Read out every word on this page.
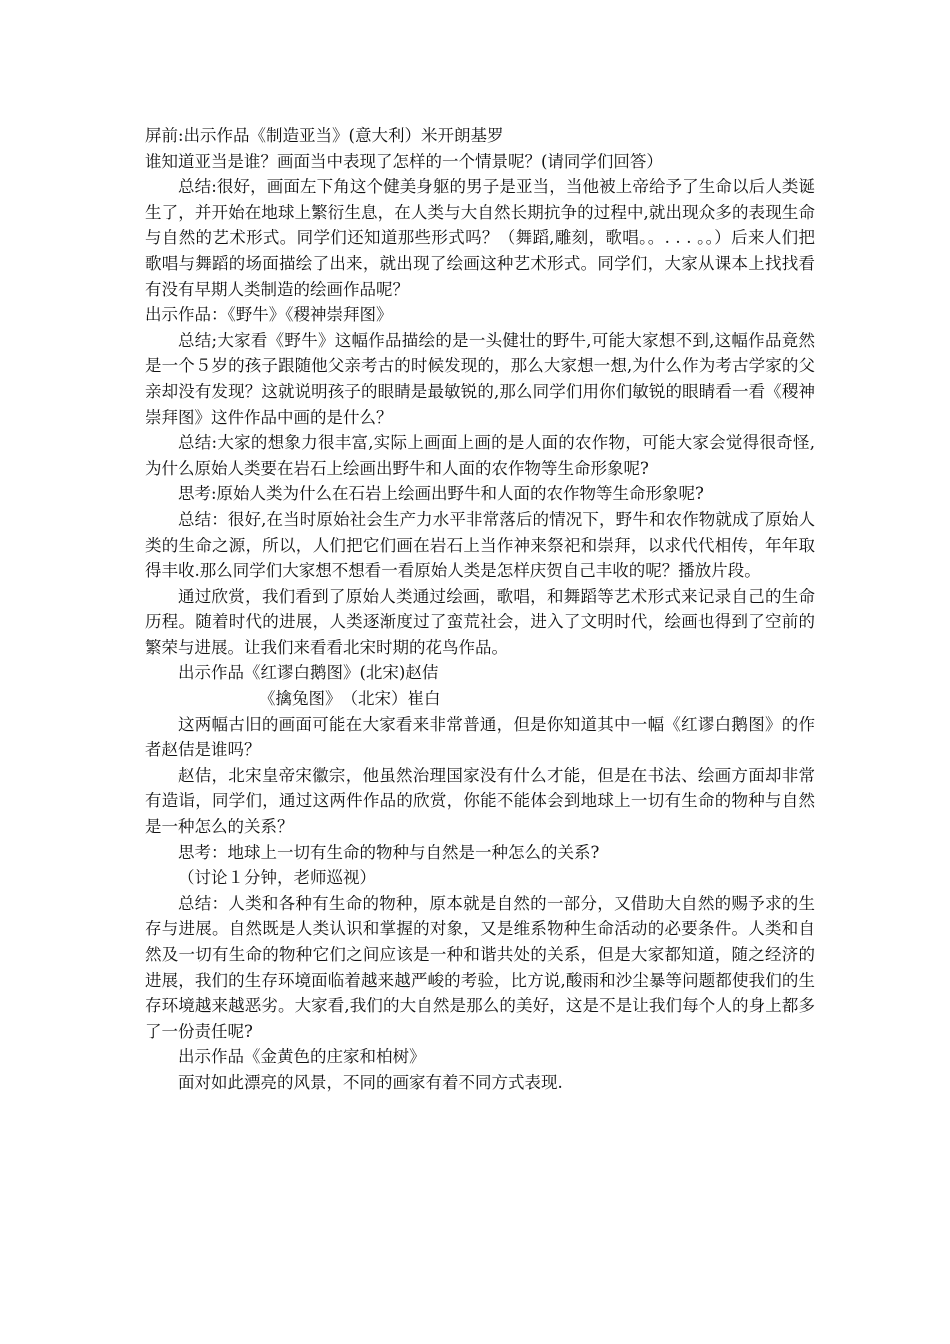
屏前:出示作品《制造亚当》(意大利）米开朗基罗

谁知道亚当是谁？画面当中表现了怎样的一个情景呢？(请同学们回答）

总结:很好，画面左下角这个健美身躯的男子是亚当，当他被上帝给予了生命以后人类诞生了，并开始在地球上繁衍生息，在人类与大自然长期抗争的过程中,就出现众多的表现生命与自然的艺术形式。同学们还知道那些形式吗？（舞蹈,雕刻，歌唱。。. . . 。。）后来人们把歌唱与舞蹈的场面描绘了出来，就出现了绘画这种艺术形式。同学们，大家从课本上找找看有没有早期人类制造的绘画作品呢？

出示作品：《野牛》《稷神崇拜图》

总结;大家看《野牛》这幅作品描绘的是一头健壮的野牛,可能大家想不到,这幅作品竟然是一个５岁的孩子跟随他父亲考古的时候发现的，那么大家想一想,为什么作为考古学家的父亲却没有发现？这就说明孩子的眼睛是最敏锐的,那么同学们用你们敏锐的眼睛看一看《稷神崇拜图》这件作品中画的是什么？

总结:大家的想象力很丰富,实际上画面上画的是人面的农作物，可能大家会觉得很奇怪,为什么原始人类要在岩石上绘画出野牛和人面的农作物等生命形象呢?

思考:原始人类为什么在石岩上绘画出野牛和人面的农作物等生命形象呢?

总结：很好,在当时原始社会生产力水平非常落后的情况下，野牛和农作物就成了原始人类的生命之源，所以，人们把它们画在岩石上当作神来祭祀和崇拜，以求代代相传，年年取得丰收.那么同学们大家想不想看一看原始人类是怎样庆贺自己丰收的呢？播放片段。

通过欣赏，我们看到了原始人类通过绘画，歌唱，和舞蹈等艺术形式来记录自己的生命历程。随着时代的进展，人类逐渐度过了蛮荒社会，进入了文明时代，绘画也得到了空前的繁荣与进展。让我们来看看北宋时期的花鸟作品。

出示作品《红谬白鹅图》(北宋)赵佶

《擒兔图》　（北宋）崔白

这两幅古旧的画面可能在大家看来非常普通，但是你知道其中一幅《红谬白鹅图》的作者赵佶是谁吗？

赵佶，北宋皇帝宋徽宗，他虽然治理国家没有什么才能，但是在书法、绘画方面却非常有造诣，同学们，通过这两件作品的欣赏，你能不能体会到地球上一切有生命的物种与自然是一种怎么的关系？

思考：地球上一切有生命的物种与自然是一种怎么的关系?

（讨论１分钟，老师巡视）

总结：人类和各种有生命的物种，原本就是自然的一部分，又借助大自然的赐予求的生存与进展。自然既是人类认识和掌握的对象，又是维系物种生命活动的必要条件。人类和自然及一切有生命的物种它们之间应该是一种和谐共处的关系，但是大家都知道，随之经济的进展，我们的生存环境面临着越来越严峻的考验，比方说,酸雨和沙尘暴等问题都使我们的生存环境越来越恶劣。大家看,我们的大自然是那么的美好，这是不是让我们每个人的身上都多了一份责任呢?

出示作品《金黄色的庄家和柏树》

面对如此漂亮的风景，不同的画家有着不同方式表现.
